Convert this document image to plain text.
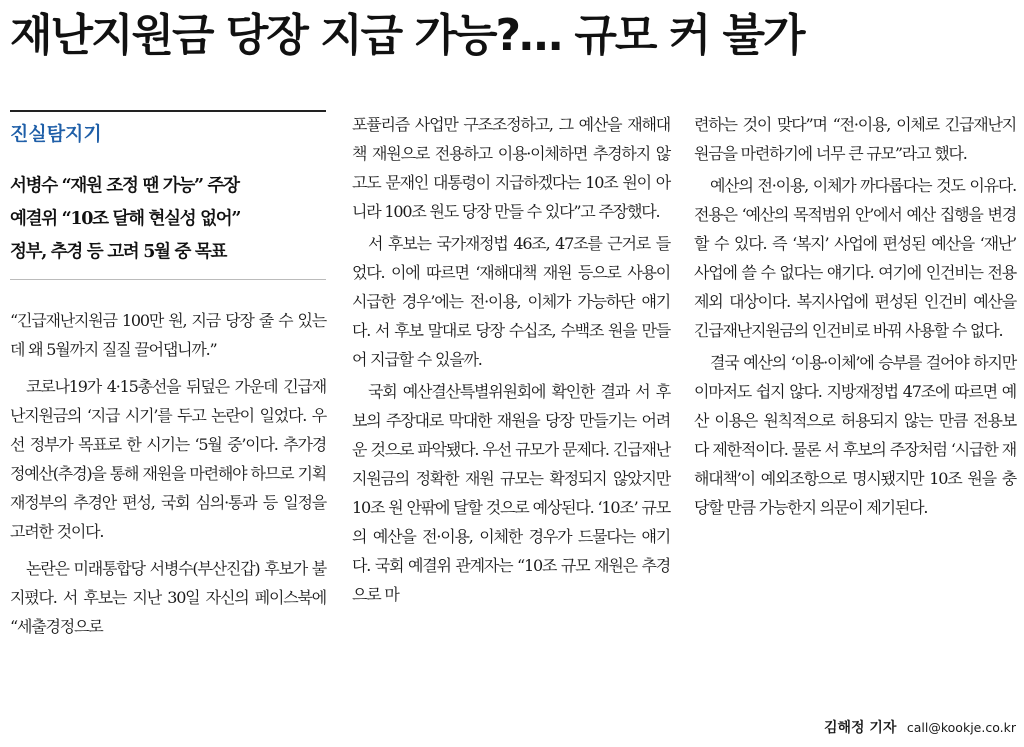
재난지원금 당장 지급 가능?… 규모 커 불가
진실탐지기
서병수 “재원 조정 땐 가능” 주장
예결위 “10조 달해 현실성 없어”
정부, 추경 등 고려 5월 중 목표

“긴급재난지원금 100만 원, 지금 당장 줄 수 있는데 왜 5월까지 질질 끌어댑니까.”

코로나19가 4·15총선을 뒤덮은 가운데 긴급재난지원금의 ‘지급 시기’를 두고 논란이 일었다. 우선 정부가 목표로 한 시기는 ‘5월 중’이다. 추가경정예산(추경)을 통해 재원을 마련해야 하므로 기획재정부의 추경안 편성, 국회 심의·통과 등 일정을 고려한 것이다.

논란은 미래통합당 서병수(부산진갑) 후보가 불 지폈다. 서 후보는 지난 30일 자신의 페이스북에 “세출경정으로

포퓰리즘 사업만 구조조정하고, 그 예산을 재해대책 재원으로 전용하고 이용·이체하면 추경하지 않고도 문재인 대통령이 지급하겠다는 10조 원이 아니라 100조 원도 당장 만들 수 있다”고 주장했다.

서 후보는 국가재정법 46조, 47조를 근거로 들었다. 이에 따르면 ‘재해대책 재원 등으로 사용이 시급한 경우’에는 전·이용, 이체가 가능하단 얘기다. 서 후보 말대로 당장 수십조, 수백조 원을 만들어 지급할 수 있을까.

국회 예산결산특별위원회에 확인한 결과 서 후보의 주장대로 막대한 재원을 당장 만들기는 어려운 것으로 파악됐다. 우선 규모가 문제다. 긴급재난지원금의 정확한 재원 규모는 확정되지 않았지만 10조 원 안팎에 달할 것으로 예상된다. ‘10조’ 규모의 예산을 전·이용, 이체한 경우가 드물다는 얘기다. 국회 예결위 관계자는 “10조 규모 재원은 추경으로 마

련하는 것이 맞다”며 “전·이용, 이체로 긴급재난지원금을 마련하기에 너무 큰 규모”라고 했다.

예산의 전·이용, 이체가 까다롭다는 것도 이유다. 전용은 ‘예산의 목적범위 안’에서 예산 집행을 변경할 수 있다. 즉 ‘복지’ 사업에 편성된 예산을 ‘재난’ 사업에 쓸 수 없다는 얘기다. 여기에 인건비는 전용 제외 대상이다. 복지사업에 편성된 인건비 예산을 긴급재난지원금의 인건비로 바꿔 사용할 수 없다.

결국 예산의 ‘이용·이체’에 승부를 걸어야 하지만 이마저도 쉽지 않다. 지방재정법 47조에 따르면 예산 이용은 원칙적으로 허용되지 않는 만큼 전용보다 제한적이다. 물론 서 후보의 주장처럼 ‘시급한 재해대책’이 예외조항으로 명시됐지만 10조 원을 충당할 만큼 가능한지 의문이 제기된다.

김해정 기자 call@kookje.co.kr
